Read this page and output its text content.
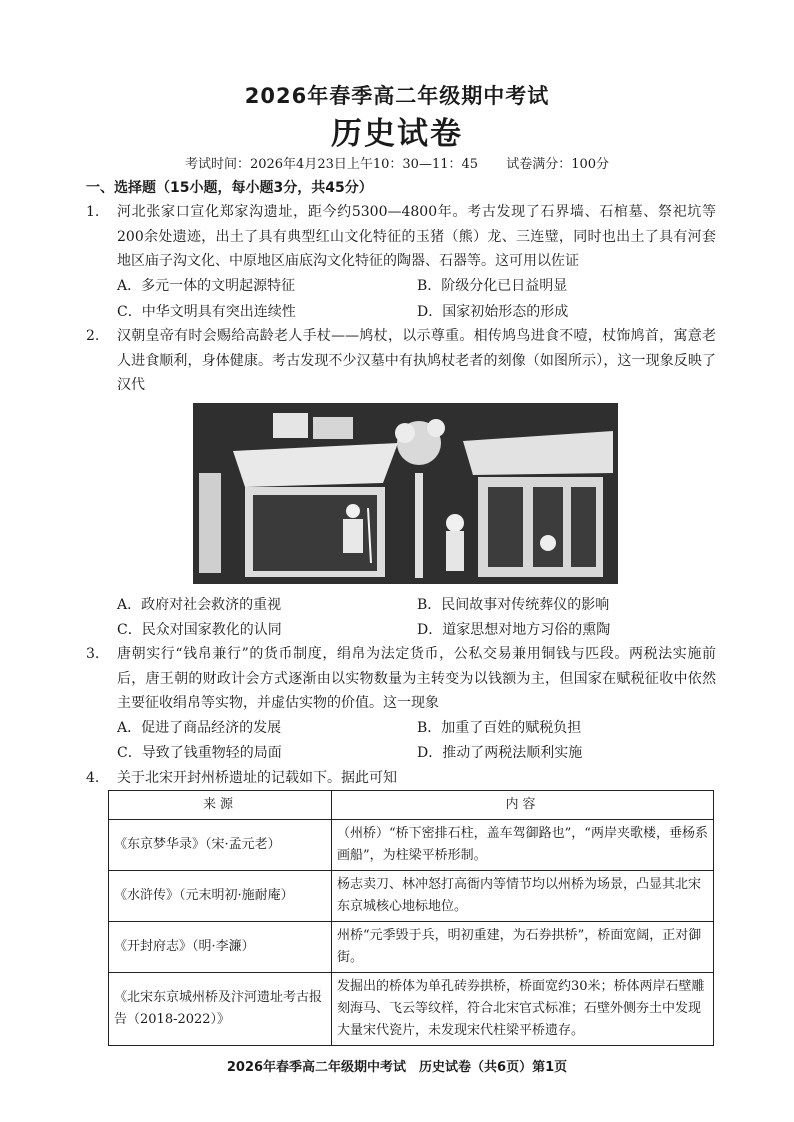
2026年春季高二年级期中考试
历史试卷
考试时间：2026年4月23日上午10：30—11：45 试卷满分：100分
一、选择题（15小题，每小题3分，共45分）
1. 河北张家口宣化郑家沟遗址，距今约5300—4800年。考古发现了石界墙、石棺墓、祭祀坑等200余处遗迹，出土了具有典型红山文化特征的玉猪（熊）龙、三连璧，同时也出土了具有河套地区庙子沟文化、中原地区庙底沟文化特征的陶器、石器等。这可用以佐证
A．多元一体的文明起源特征	B．阶级分化已日益明显
C．中华文明具有突出连续性	D．国家初始形态的形成
2. 汉朝皇帝有时会赐给高龄老人手杖——鸠杖，以示尊重。相传鸠鸟进食不噎，杖饰鸠首，寓意老人进食顺利，身体健康。考古发现不少汉墓中有执鸠杖老者的刻像（如图所示），这一现象反映了汉代
A．政府对社会救济的重视	B．民间故事对传统葬仪的影响
C．民众对国家教化的认同	D．道家思想对地方习俗的熏陶
3. 唐朝实行“钱帛兼行”的货币制度，绢帛为法定货币，公私交易兼用铜钱与匹段。两税法实施前后，唐王朝的财政计会方式逐渐由以实物数量为主转变为以钱额为主，但国家在赋税征收中依然主要征收绢帛等实物，并虚估实物的价值。这一现象
A．促进了商品经济的发展	B．加重了百姓的赋税负担
C．导致了钱重物轻的局面	D．推动了两税法顺利实施
4. 关于北宋开封州桥遗址的记载如下。据此可知
来源	内容
《东京梦华录》（宋·孟元老）	（州桥）“桥下密排石柱，盖车驾御路也”，“两岸夹歌楼，垂杨系画船”，为柱梁平桥形制。
《水浒传》（元末明初·施耐庵）	杨志卖刀、林冲怒打高衙内等情节均以州桥为场景，凸显其北宋东京城核心地标地位。
《开封府志》（明·李濂）	州桥“元季毁于兵，明初重建，为石券拱桥”，桥面宽阔，正对御街。
《北宋东京城州桥及汴河遗址考古报告（2018-2022）》	发掘出的桥体为单孔砖券拱桥，桥面宽约30米；桥体两岸石壁雕刻海马、飞云等纹样，符合北宋官式标准；石壁外侧夯土中发现大量宋代瓷片，未发现宋代柱梁平桥遗存。
2026年春季高二年级期中考试　历史试卷（共6页）第1页
